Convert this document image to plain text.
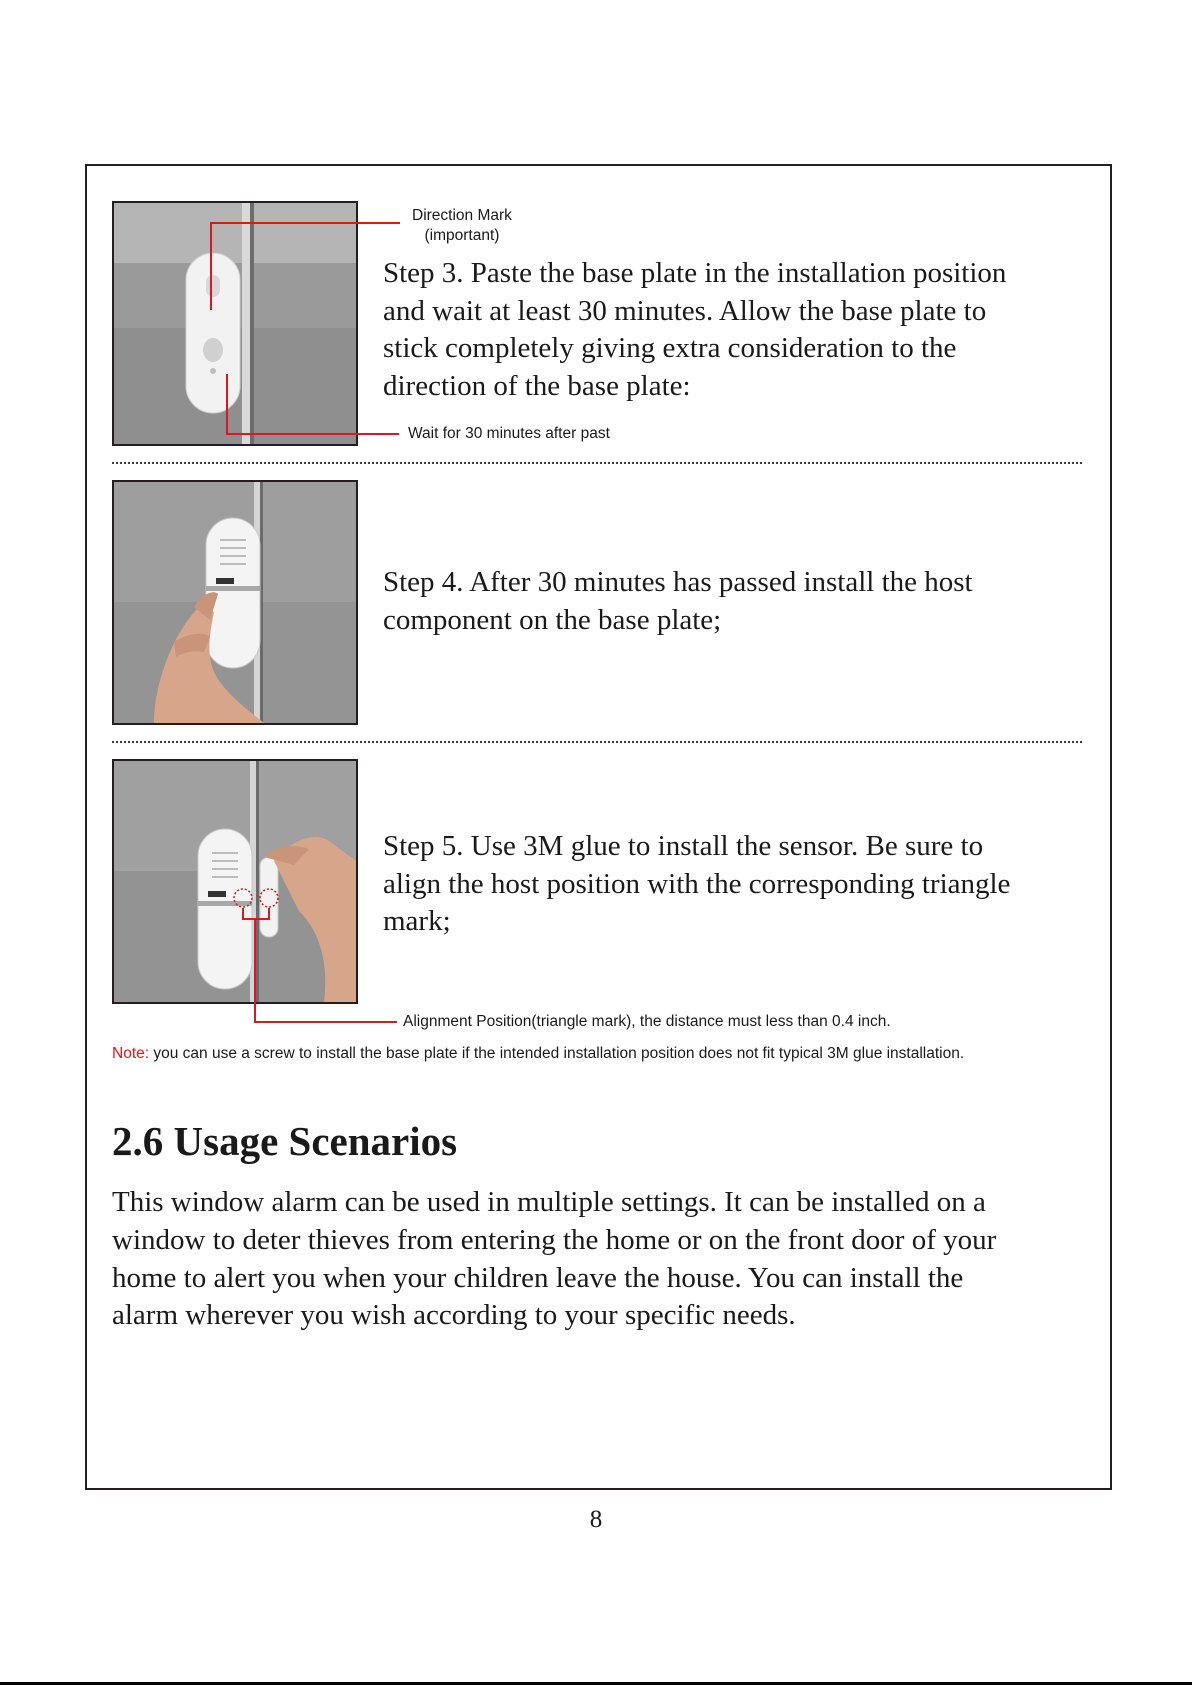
Direction Mark
(important)
Wait for 30 minutes after past
Step 3. Paste the base plate in the installation position
and wait at least 30 minutes. Allow the base plate to
stick completely giving extra consideration to the
direction of the base plate:
Step 4. After 30 minutes has passed install the host
component on the base plate;
Alignment Position(triangle mark), the distance must less than 0.4 inch.
Step 5. Use 3M glue to install the sensor. Be sure to
align the host position with the corresponding triangle
mark;
Note: you can use a screw to install the base plate if the intended installation position does not fit typical 3M glue installation.
2.6 Usage Scenarios
This window alarm can be used in multiple settings. It can be installed on a
window to deter thieves from entering the home or on the front door of your
home to alert you when your children leave the house. You can install the
alarm wherever you wish according to your specific needs.
8
